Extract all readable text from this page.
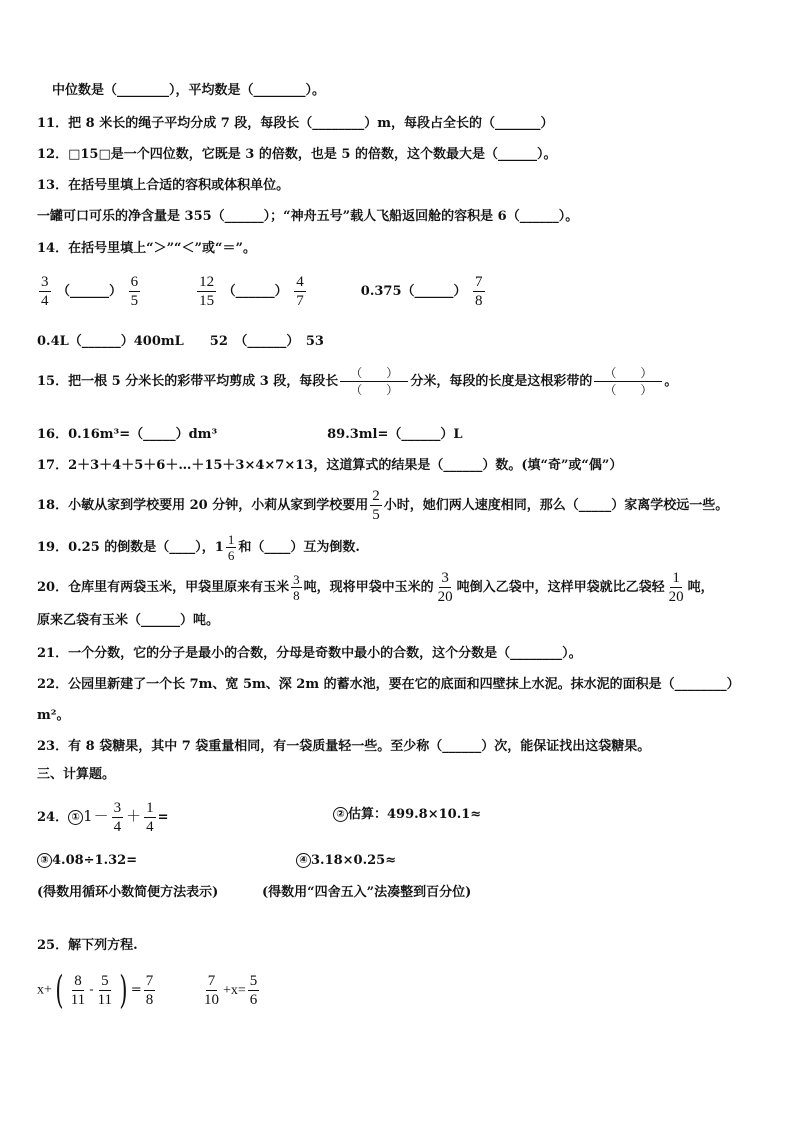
中位数是（________），平均数是（________）。
11．把 8 米长的绳子平均分成 7 段，每段长（________）m，每段占全长的（_______）
12．□15□是一个四位数，它既是 3 的倍数，也是 5 的倍数，这个数最大是（______）。
13．在括号里填上合适的容积或体积单位。
一罐可口可乐的净含量是 355（______）；“神舟五号”载人飞船返回舱的容积是 6（______）。
14．在括号里填上“＞”“＜”或“＝”。
$\frac{3}{4}$ （______） $\frac{6}{5}$
	$\frac{12}{15}$ （______） $\frac{4}{7}$	0.375（______） $\frac{7}{8}$
0.4L（______）400mL　　52　（______）　53
15．把一根 5 分米长的彩带平均剪成 3 段，每段长 $\frac{( )}{( )}$ 分米，每段的长度是这根彩带的 $\frac{( )}{( )}$ 。
16．0.16m³=（_____）dm³	89.3ml=（______）L
17．2＋3＋4＋5＋6＋…＋15＋3×4×7×13，这道算式的结果是（______）数。(填“奇”或“偶”）
18．小敏从家到学校要用 20 分钟，小莉从家到学校要用 $\frac{2}{5}$ 小时，她们两人速度相同，那么（_____）家离学校远一些。
19．0.25 的倒数是（____），$1 \frac{1}{6}$ 和（____）互为倒数.
20．仓库里有两袋玉米，甲袋里原来有玉米 $\frac{3}{8}$ 吨，现将甲袋中玉米的 $\frac{3}{20}$ 吨倒入乙袋中，这样甲袋就比乙袋轻 $\frac{1}{20}$ 吨，
原来乙袋有玉米（______）吨。
21．一个分数，它的分子是最小的合数，分母是奇数中最小的合数，这个分数是（________）。
22．公园里新建了一个长 7m、宽 5m、深 2m 的蓄水池，要在它的底面和四壁抹上水泥。抹水泥的面积是（________）
m²。
23．有 8 袋糖果，其中 7 袋重量相同，有一袋质量轻一些。至少称（______）次，能保证找出这袋糖果。
三、计算题。
24． ① $1- \frac{3}{4} + \frac{1}{4}$ =	② 估算：499.8×10.1≈
③ 4.08÷1.32=	④ 3.18×0.25≈
(得数用循环小数简便方法表示)	(得数用“四舍五入”法凑整到百分位)
25．解下列方程.
$x+( \frac{8}{11} - \frac{5}{11}$ ) = $\frac{7}{8}$	$\frac{7}{10} +x= \frac{5}{6}$
